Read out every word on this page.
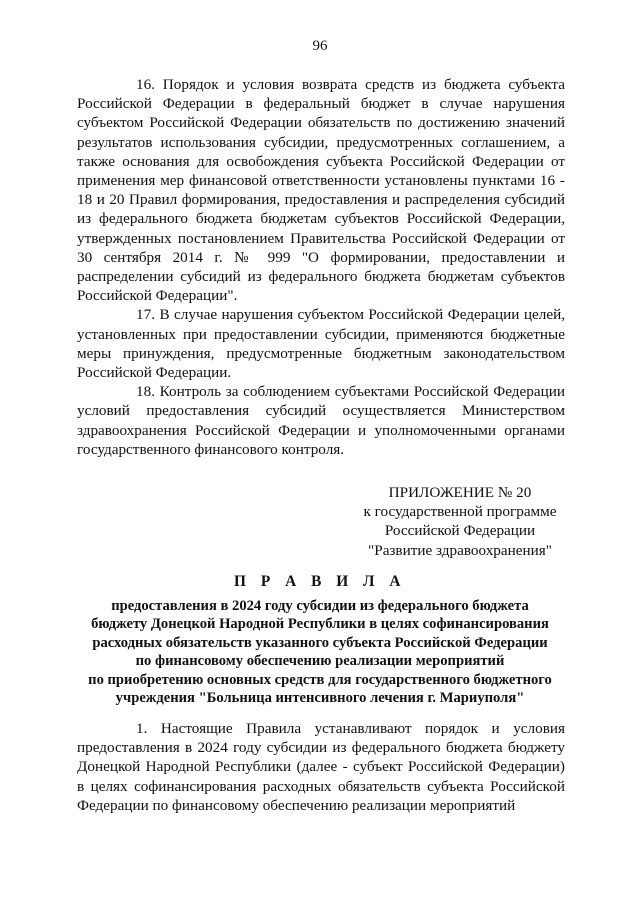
96

16. Порядок и условия возврата средств из бюджета субъекта Российской Федерации в федеральный бюджет в случае нарушения субъектом Российской Федерации обязательств по достижению значений результатов использования субсидии, предусмотренных соглашением, а также основания для освобождения субъекта Российской Федерации от применения мер финансовой ответственности установлены пунктами 16 - 18 и 20 Правил формирования, предоставления и распределения субсидий из федерального бюджета бюджетам субъектов Российской Федерации, утвержденных постановлением Правительства Российской Федерации от 30 сентября 2014 г. № 999 "О формировании, предоставлении и распределении субсидий из федерального бюджета бюджетам субъектов Российской Федерации".

17. В случае нарушения субъектом Российской Федерации целей, установленных при предоставлении субсидии, применяются бюджетные меры принуждения, предусмотренные бюджетным законодательством Российской Федерации.

18. Контроль за соблюдением субъектами Российской Федерации условий предоставления субсидий осуществляется Министерством здравоохранения Российской Федерации и уполномоченными органами государственного финансового контроля.

ПРИЛОЖЕНИЕ № 20
к государственной программе
Российской Федерации
"Развитие здравоохранения"
П Р А В И Л А
предоставления в 2024 году субсидии из федерального бюджета
бюджету Донецкой Народной Республики в целях софинансирования
расходных обязательств указанного субъекта Российской Федерации
по финансовому обеспечению реализации мероприятий
по приобретению основных средств для государственного бюджетного
учреждения "Больница интенсивного лечения г. Мариуполя"

1. Настоящие Правила устанавливают порядок и условия предоставления в 2024 году субсидии из федерального бюджета бюджету Донецкой Народной Республики (далее - субъект Российской Федерации) в целях софинансирования расходных обязательств субъекта Российской Федерации по финансовому обеспечению реализации мероприятий
